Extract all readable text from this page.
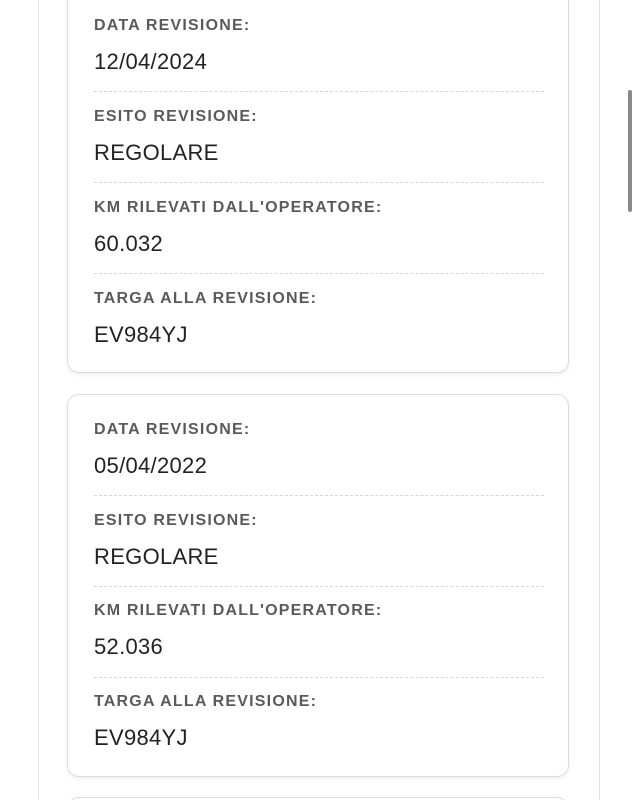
DATA REVISIONE:
12/04/2024
ESITO REVISIONE:
REGOLARE
KM RILEVATI DALL'OPERATORE:
60.032
TARGA ALLA REVISIONE:
EV984YJ
DATA REVISIONE:
05/04/2022
ESITO REVISIONE:
REGOLARE
KM RILEVATI DALL'OPERATORE:
52.036
TARGA ALLA REVISIONE:
EV984YJ
